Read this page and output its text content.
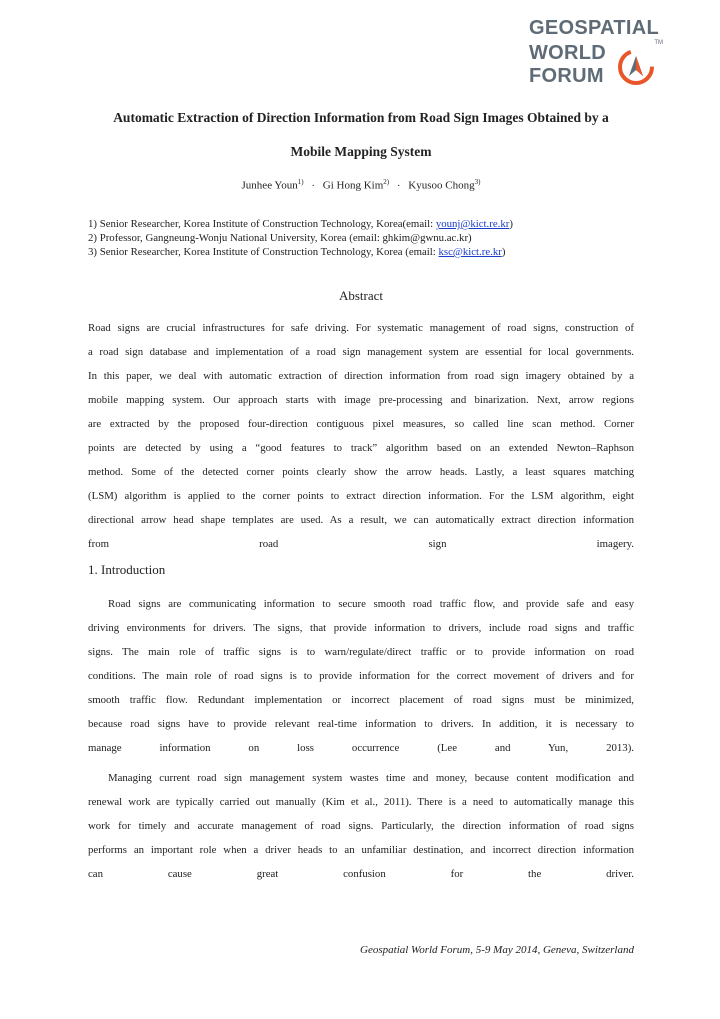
GEOSPATIAL
WORLD
FORUM
TM
Automatic Extraction of Direction Information from Road Sign Images Obtained by a
Mobile Mapping System
Junhee Youn$^{1)}$ · Gi Hong Kim$^{2)}$ · Kyusoo Chong$^{3)}$
1) Senior Researcher, Korea Institute of Construction Technology, Korea(email: younj@kict.re.kr)
2) Professor, Gangneung-Wonju National University, Korea (email: ghkim@gwnu.ac.kr)
3) Senior Researcher, Korea Institute of Construction Technology, Korea (email: ksc@kict.re.kr)
Abstract
Road signs are crucial infrastructures for safe driving. For systematic management of road signs, construction of
a road sign database and implementation of a road sign management system are essential for local governments.
In this paper, we deal with automatic extraction of direction information from road sign imagery obtained by a
mobile mapping system. Our approach starts with image pre-processing and binarization. Next, arrow regions
are extracted by the proposed four-direction contiguous pixel measures, so called line scan method. Corner
points are detected by using a “good features to track” algorithm based on an extended Newton–Raphson
method. Some of the detected corner points clearly show the arrow heads. Lastly, a least squares matching
(LSM) algorithm is applied to the corner points to extract direction information. For the LSM algorithm, eight
directional arrow head shape templates are used. As a result, we can automatically extract direction information
from road sign imagery.
1. Introduction
Road signs are communicating information to secure smooth road traffic flow, and provide safe and easy
driving environments for drivers. The signs, that provide information to drivers, include road signs and traffic
signs. The main role of traffic signs is to warn/regulate/direct traffic or to provide information on road
conditions. The main role of road signs is to provide information for the correct movement of drivers and for
smooth traffic flow. Redundant implementation or incorrect placement of road signs must be minimized,
because road signs have to provide relevant real-time information to drivers. In addition, it is necessary to
manage information on loss occurrence (Lee and Yun, 2013).
Managing current road sign management system wastes time and money, because content modification and
renewal work are typically carried out manually (Kim et al., 2011). There is a need to automatically manage this
work for timely and accurate management of road signs. Particularly, the direction information of road signs
performs an important role when a driver heads to an unfamiliar destination, and incorrect direction information
can cause great confusion for the driver.
Geospatial World Forum, 5-9 May 2014, Geneva, Switzerland
